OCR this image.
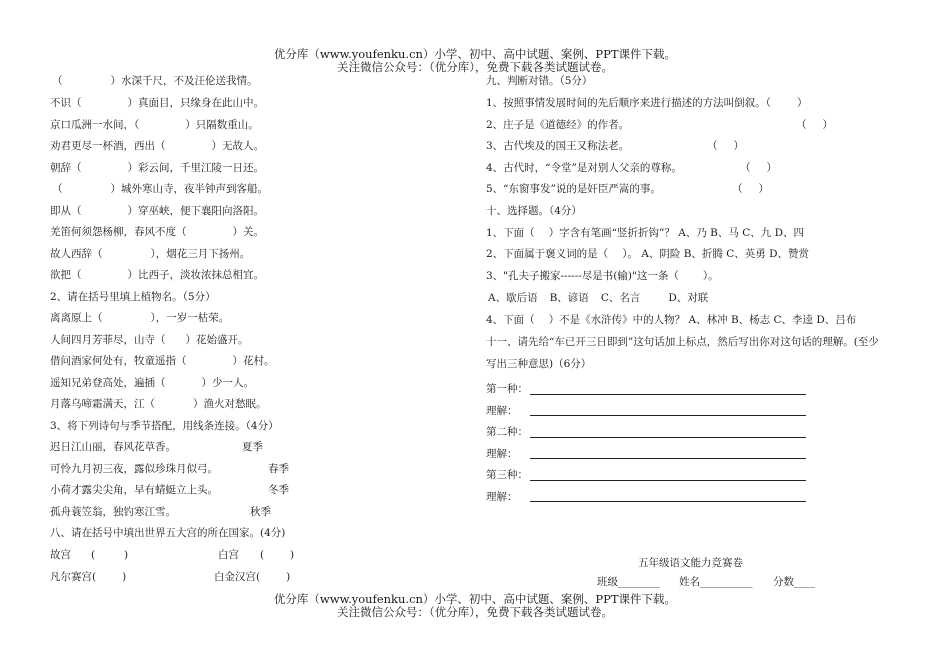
优分库（www.youfenku.cn）小学、初中、高中试题、案例、PPT课件下载。
关注微信公众号：（优分库），免费下载各类试题试卷。
（	）水深千尺，不及汪伦送我情。
不识（	）真面目，只缘身在此山中。
京口瓜洲一水间，（	）只隔数重山。
劝君更尽一杯酒，西出（	）无故人。
朝辞（	）彩云间，千里江陵一日还。
（	）城外寒山寺，夜半钟声到客船。
即从（	）穿巫峡，便下襄阳向洛阳。
羌笛何须怨杨柳，春风不度（	）关。
故人西辞（	），烟花三月下扬州。
欲把（	）比西子，淡妆浓抹总相宜。
2、请在括号里填上植物名。（5分）
离离原上（	），一岁一枯荣。
人间四月芳菲尽，山寺（ ）花始盛开。
借问酒家何处有，牧童遥指（	）花村。
遥知兄弟登高处，遍插（	）少一人。
月落乌啼霜满天，江（	）渔火对愁眠。
3、将下列诗句与季节搭配，用线条连接。（4分）
迟日江山丽，春风花草香。	夏季
可怜九月初三夜，露似珍珠月似弓。	春季
小荷才露尖尖角，早有蜻蜓立上头。	冬季
孤舟蓑笠翁，独钓寒江雪。	秋季
八、请在括号中填出世界五大宫的所在国家。(4分)
故宫 (	)	白宫 ( )
凡尔赛宫( )	白金汉宫( )
九、判断对错。（5分）
1、按照事情发展时间的先后顺序来进行描述的方法叫倒叙。（ ）
2、庄子是《道德经》的作者。	（ ）
3、古代埃及的国王又称法老。	（ ）
4、古代时，“令堂”是对别人父亲的尊称。	（ ）
5、“东窗事发”说的是奸臣严嵩的事。	（ ）
十、选择题。（4分）
1、下面（ ）字含有笔画“竖折折钩”？ A、乃 B、马 C、九 D、四
2、下面属于褒义词的是（ ）。 A、阴险 B、折腾 C、英勇 D、赞赏
3、"孔夫子搬家------尽是书(输)"这一条（ ）。
A、歇后语 B、谚语 C、名言	D、对联
4、下面（ ）不是《水浒传》中的人物？ A、林冲 B、杨志 C、李逵 D、吕布
十一、请先给“车已开三日即到”这句话加上标点，然后写出你对这句话的理解。(至少
写出三种意思)（6分）
第一种：
理解：
第二种：
理解：
第三种：
理解：
五年级语文能力竞赛卷
班级________ 姓名__________ 分数____
优分库（www.youfenku.cn）小学、初中、高中试题、案例、PPT课件下载。
关注微信公众号：（优分库），免费下载各类试题试卷。
